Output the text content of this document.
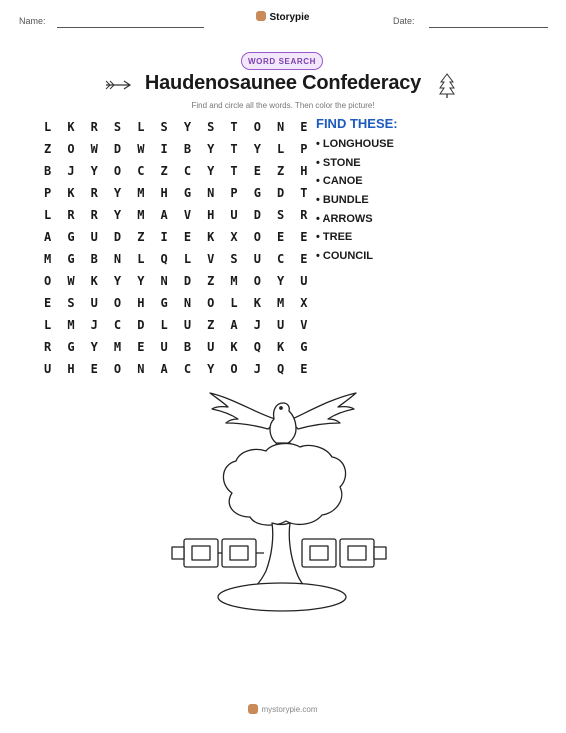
Name:	Storypie	Date:
WORD SEARCH
Haudenosaunee Confederacy
Find and circle all the words. Then color the picture!
L	K	R	S	L	S	Y	S	T	O	N	E
Z	O	W	D	W	I	B	Y	T	Y	L	P
B	J	Y	O	C	Z	C	Y	T	E	Z	H
P	K	R	Y	M	H	G	N	P	G	D	T
L	R	R	Y	M	A	V	H	U	D	S	R
A	G	U	D	Z	I	E	K	X	O	E	E
M	G	B	N	L	Q	L	V	S	U	C	E
O	W	K	Y	Y	N	D	Z	M	O	Y	U
E	S	U	O	H	G	N	O	L	K	M	X
L	M	J	C	D	L	U	Z	A	J	U	V
R	G	Y	M	E	U	B	U	K	Q	K	G
U	H	E	O	N	A	C	Y	O	J	Q	E
FIND THESE:
• LONGHOUSE
• STONE
• CANOE
• BUNDLE
• ARROWS
• TREE
• COUNCIL
mystorypie.com
